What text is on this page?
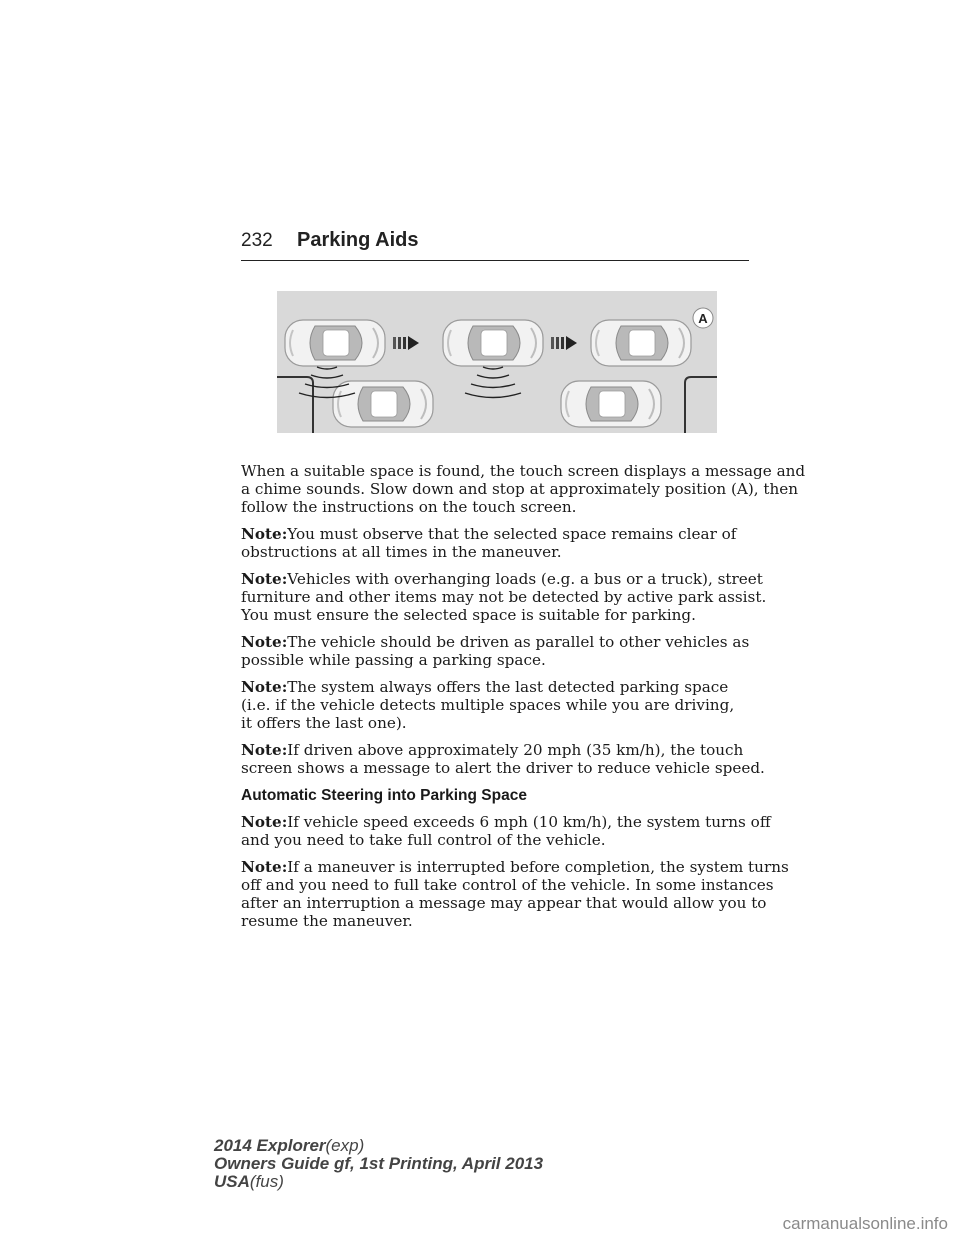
232 Parking Aids
A

When a suitable space is found, the touch screen displays a message and
a chime sounds. Slow down and stop at approximately position (A), then
follow the instructions on the touch screen.

Note:You must observe that the selected space remains clear of
obstructions at all times in the maneuver.

Note:Vehicles with overhanging loads (e.g. a bus or a truck), street
furniture and other items may not be detected by active park assist.
You must ensure the selected space is suitable for parking.

Note:The vehicle should be driven as parallel to other vehicles as
possible while passing a parking space.

Note:The system always offers the last detected parking space
(i.e. if the vehicle detects multiple spaces while you are driving,
it offers the last one).

Note:If driven above approximately 20 mph (35 km/h), the touch
screen shows a message to alert the driver to reduce vehicle speed.

Automatic Steering into Parking Space

Note:If vehicle speed exceeds 6 mph (10 km/h), the system turns off
and you need to take full control of the vehicle.

Note:If a maneuver is interrupted before completion, the system turns
off and you need to full take control of the vehicle. In some instances
after an interruption a message may appear that would allow you to
resume the maneuver.

2014 Explorer(exp)
Owners Guide gf, 1st Printing, April 2013
USA(fus)
carmanualsonline.info
